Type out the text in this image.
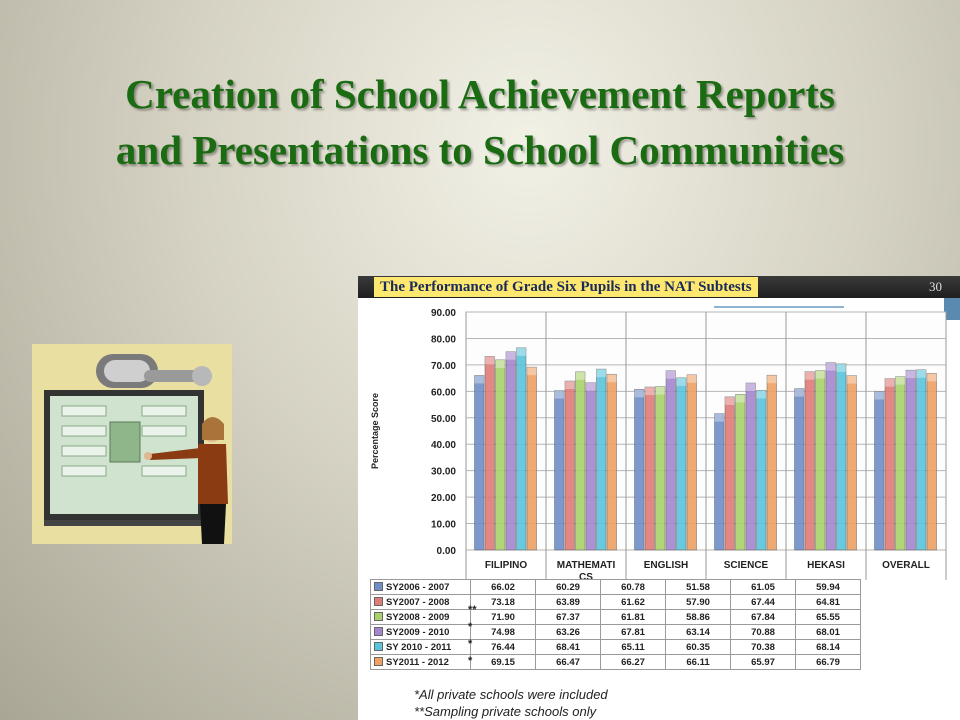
Creation of School Achievement Reports
and Presentations to School Communities
The Performance of Grade Six Pupils in the NAT Subtests	30
0.00
10.00
20.00
30.00
40.00
50.00
60.00
70.00
80.00
90.00
Percentage Score
FILIPINO	MATHEMATI
CS
ENGLISH	SCIENCE	HEKASI	OVERALL
SY2006 - 2007	66.02	60.29	60.78	51.58	61.05	59.94
SY2007 - 2008	73.18	63.89	61.62	57.90	67.44	64.81
SY2008 - 2009	71.90	67.37	61.81	58.86	67.84	65.55
SY2009 - 2010	74.98	63.26	67.81	63.14	70.88	68.01
SY 2010 - 2011	76.44	68.41	65.11	60.35	70.38	68.14
SY2011 - 2012	69.15	66.47	66.27	66.11	65.97	66.79
**
*
*
*
*All private schools were included
**Sampling private schools only
